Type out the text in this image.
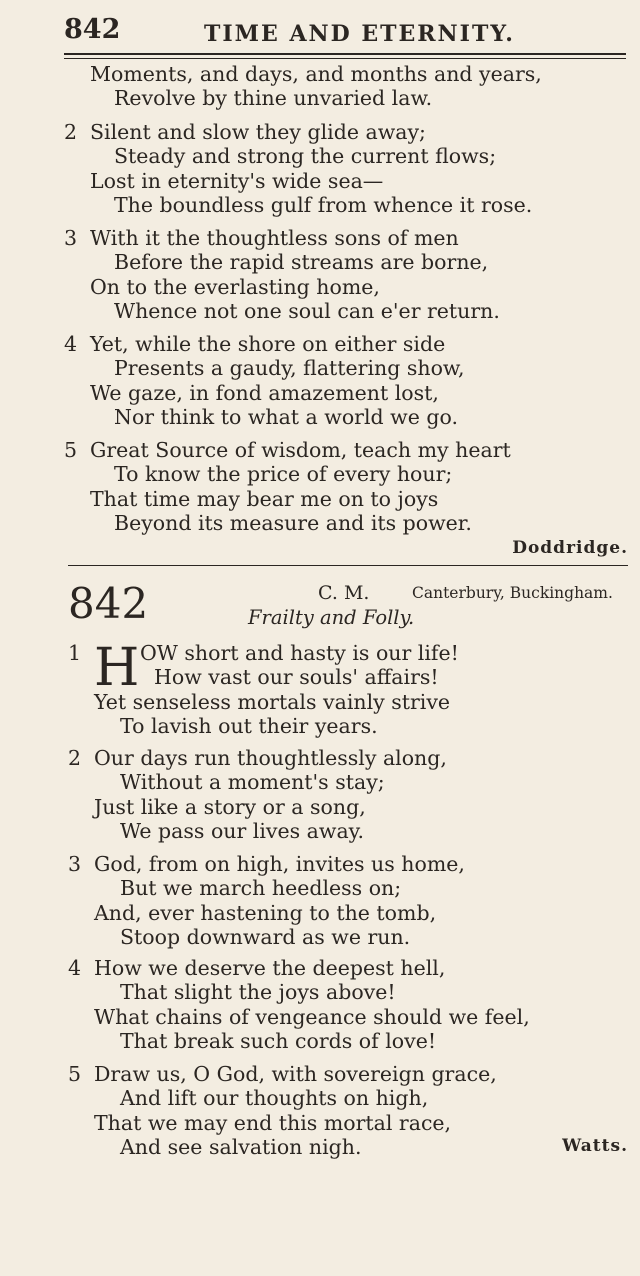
842	TIME AND ETERNITY.
Moments, and days, and months and years,
Revolve by thine unvaried law.
2 Silent and slow they glide away;
Steady and strong the current flows;
Lost in eternity's wide sea—
The boundless gulf from whence it rose.
3 With it the thoughtless sons of men
Before the rapid streams are borne,
On to the everlasting home,
Whence not one soul can e'er return.
4 Yet, while the shore on either side
Presents a gaudy, flattering show,
We gaze, in fond amazement lost,
Nor think to what a world we go.
5 Great Source of wisdom, teach my heart
To know the price of every hour;
That time may bear me on to joys
Beyond its measure and its power.
Doddridge.
842	C. M.	Canterbury, Buckingham.
Frailty and Folly.
H
1	OW short and hasty is our life!
How vast our souls' affairs!
Yet senseless mortals vainly strive
To lavish out their years.
2 Our days run thoughtlessly along,
Without a moment's stay;
Just like a story or a song,
We pass our lives away.
3 God, from on high, invites us home,
But we march heedless on;
And, ever hastening to the tomb,
Stoop downward as we run.
4 How we deserve the deepest hell,
That slight the joys above!
What chains of vengeance should we feel,
That break such cords of love!
5 Draw us, O God, with sovereign grace,
And lift our thoughts on high,
That we may end this mortal race,
And see salvation nigh.	Watts.
